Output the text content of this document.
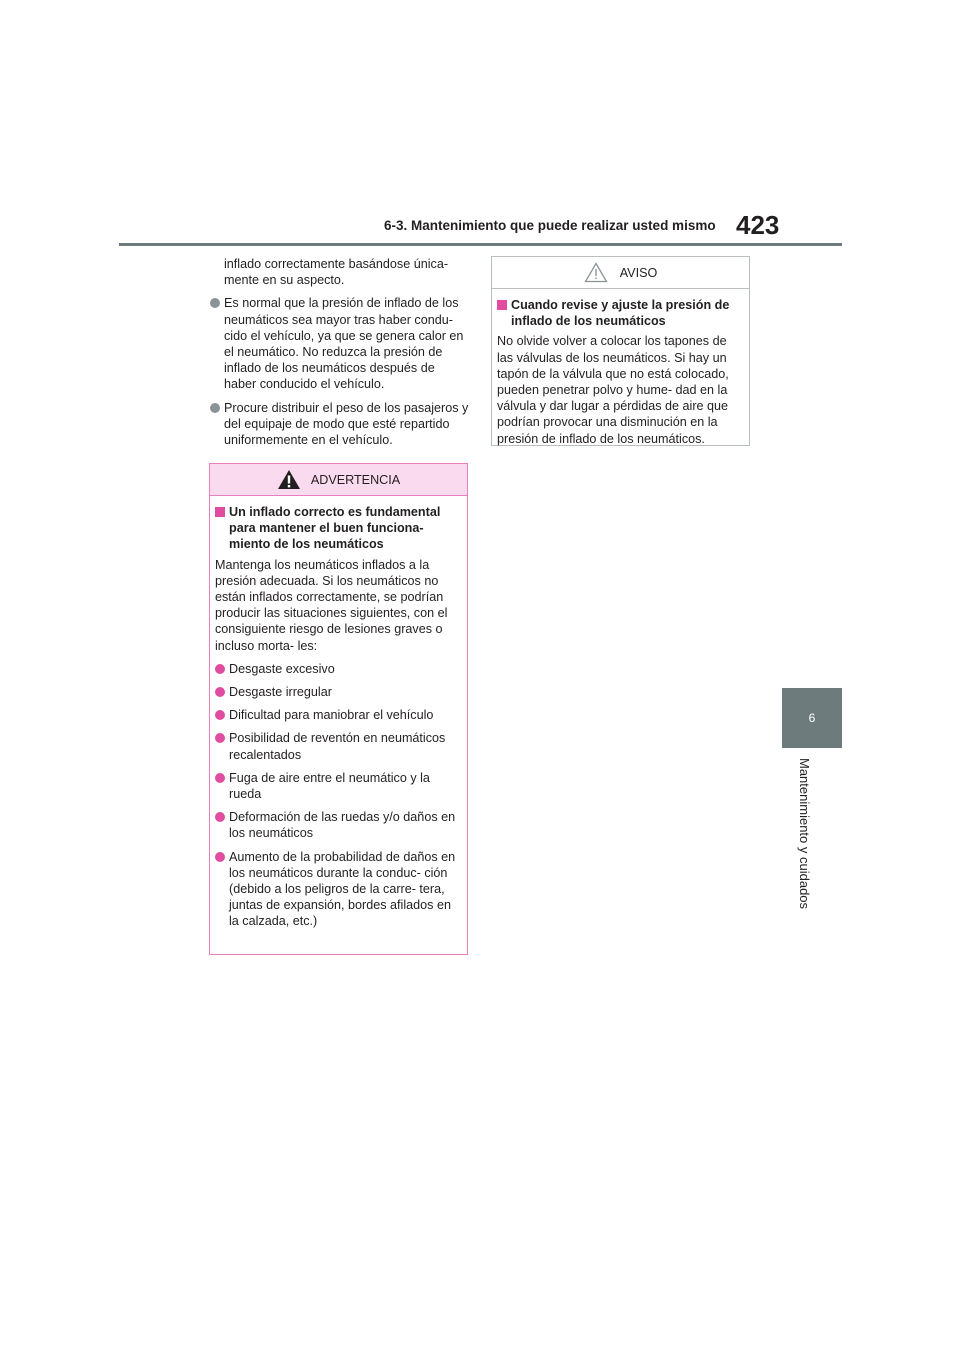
6-3. Mantenimiento que puede realizar usted mismo 423
6
Mantenimiento y cuidados

inflado correctamente basándose única- mente en su aspecto.

Es normal que la presión de inflado de los neumáticos sea mayor tras haber condu- cido el vehículo, ya que se genera calor en el neumático. No reduzca la presión de inflado de los neumáticos después de haber conducido el vehículo.
Procure distribuir el peso de los pasajeros y del equipaje de modo que esté repartido uniformemente en el vehículo.
ADVERTENCIA
Un inflado correcto es fundamental para mantener el buen funciona- miento de los neumáticos

Mantenga los neumáticos inflados a la presión adecuada. Si los neumáticos no están inflados correctamente, se podrían producir las situaciones siguientes, con el consiguiente riesgo de lesiones graves o incluso morta- les:

Desgaste excesivo
Desgaste irregular
Dificultad para maniobrar el vehículo
Posibilidad de reventón en neumáticos recalentados
Fuga de aire entre el neumático y la rueda
Deformación de las ruedas y/o daños en los neumáticos
Aumento de la probabilidad de daños en los neumáticos durante la conduc- ción (debido a los peligros de la carre- tera, juntas de expansión, bordes afilados en la calzada, etc.)
AVISO
Cuando revise y ajuste la presión de inflado de los neumáticos

No olvide volver a colocar los tapones de las válvulas de los neumáticos. Si hay un tapón de la válvula que no está colocado, pueden penetrar polvo y hume- dad en la válvula y dar lugar a pérdidas de aire que podrían provocar una disminución en la presión de inflado de los neumáticos.
